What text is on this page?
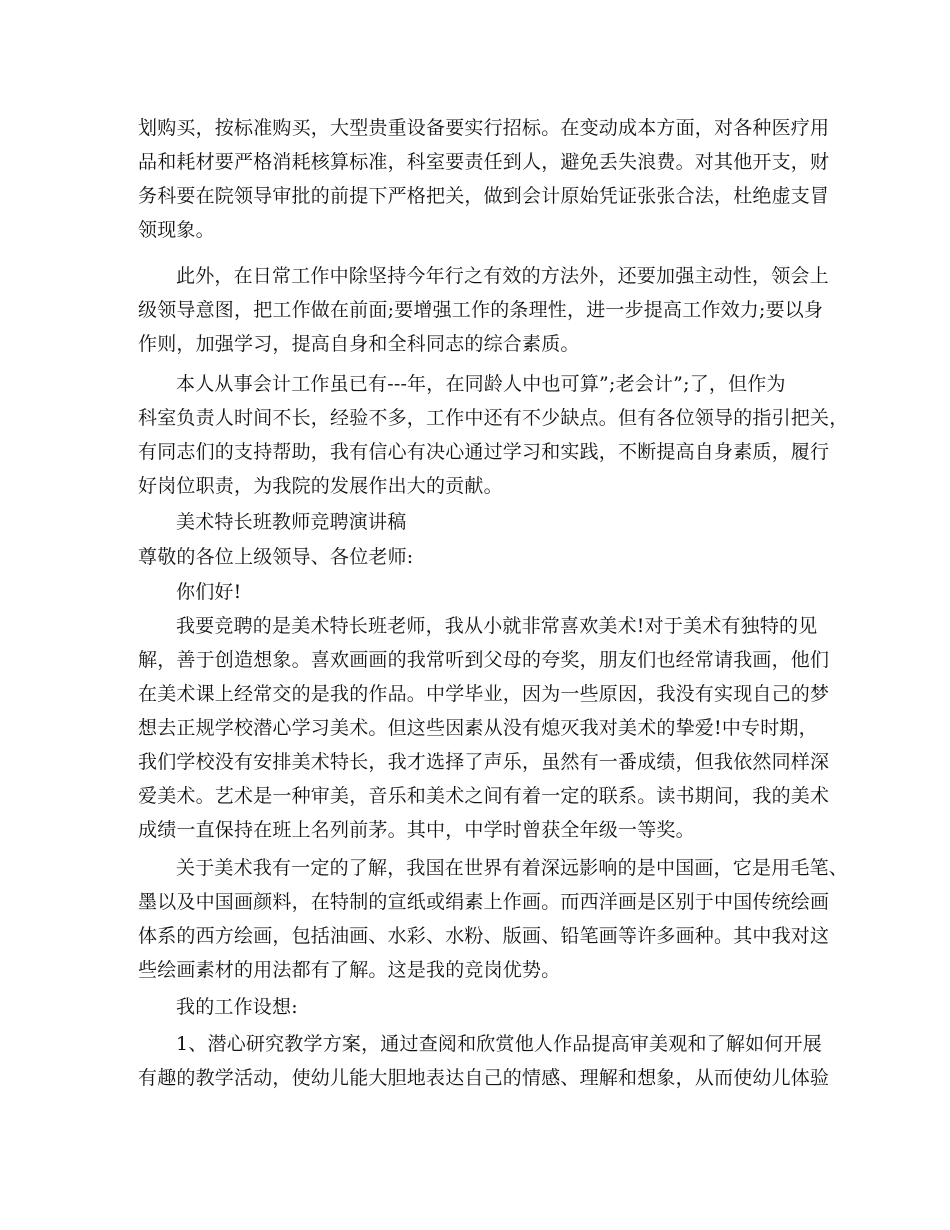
划购买，按标准购买，大型贵重设备要实行招标。在变动成本方面，对各种医疗用
品和耗材要严格消耗核算标准，科室要责任到人，避免丢失浪费。对其他开支，财
务科要在院领导审批的前提下严格把关，做到会计原始凭证张张合法，杜绝虚支冒
领现象。
此外，在日常工作中除坚持今年行之有效的方法外，还要加强主动性，领会上
级领导意图，把工作做在前面;要增强工作的条理性，进一步提高工作效力;要以身
作则，加强学习，提高自身和全科同志的综合素质。
本人从事会计工作虽已有---年，在同龄人中也可算”;老会计”;了，但作为
科室负责人时间不长，经验不多，工作中还有不少缺点。但有各位领导的指引把关，
有同志们的支持帮助，我有信心有决心通过学习和实践，不断提高自身素质，履行
好岗位职责，为我院的发展作出大的贡献。
美术特长班教师竞聘演讲稿
尊敬的各位上级领导、各位老师:
你们好!
我要竞聘的是美术特长班老师，我从小就非常喜欢美术!对于美术有独特的见
解，善于创造想象。喜欢画画的我常听到父母的夸奖，朋友们也经常请我画，他们
在美术课上经常交的是我的作品。中学毕业，因为一些原因，我没有实现自己的梦
想去正规学校潜心学习美术。但这些因素从没有熄灭我对美术的挚爱!中专时期，
我们学校没有安排美术特长，我才选择了声乐，虽然有一番成绩，但我依然同样深
爱美术。艺术是一种审美，音乐和美术之间有着一定的联系。读书期间，我的美术
成绩一直保持在班上名列前茅。其中，中学时曾获全年级一等奖。
关于美术我有一定的了解，我国在世界有着深远影响的是中国画，它是用毛笔、
墨以及中国画颜料，在特制的宣纸或绢素上作画。而西洋画是区别于中国传统绘画
体系的西方绘画，包括油画、水彩、水粉、版画、铅笔画等许多画种。其中我对这
些绘画素材的用法都有了解。这是我的竞岗优势。
我的工作设想:
1、潜心研究教学方案，通过查阅和欣赏他人作品提高审美观和了解如何开展
有趣的教学活动，使幼儿能大胆地表达自己的情感、理解和想象，从而使幼儿体验
